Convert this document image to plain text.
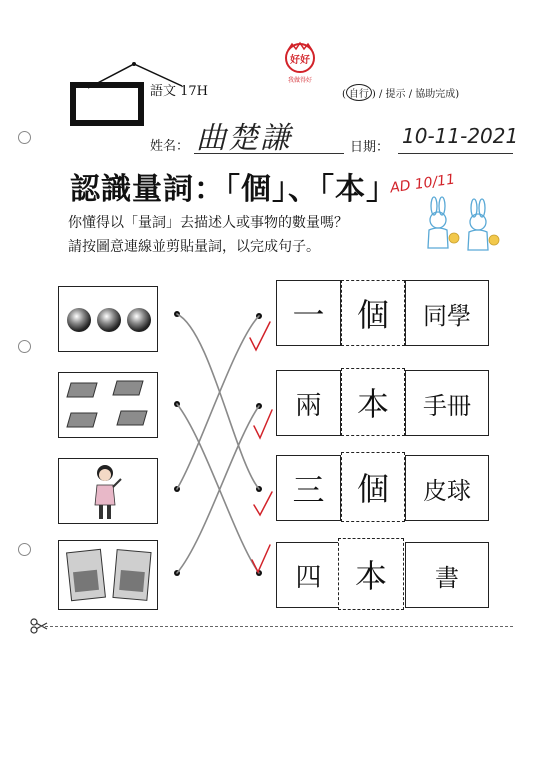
語文 17H
好好
我做得好
( 自行 ) / 提示 / 協助完成)
姓名： 曲楚謙	日期： 10-11-2021
認識量詞：「個」、「本」
AD 10/11
你懂得以「量詞」去描述人或事物的數量嗎？
請按圖意連線並剪貼量詞，以完成句子。
一	個	同學
兩	本	手冊
三	個	皮球
四	本	書
